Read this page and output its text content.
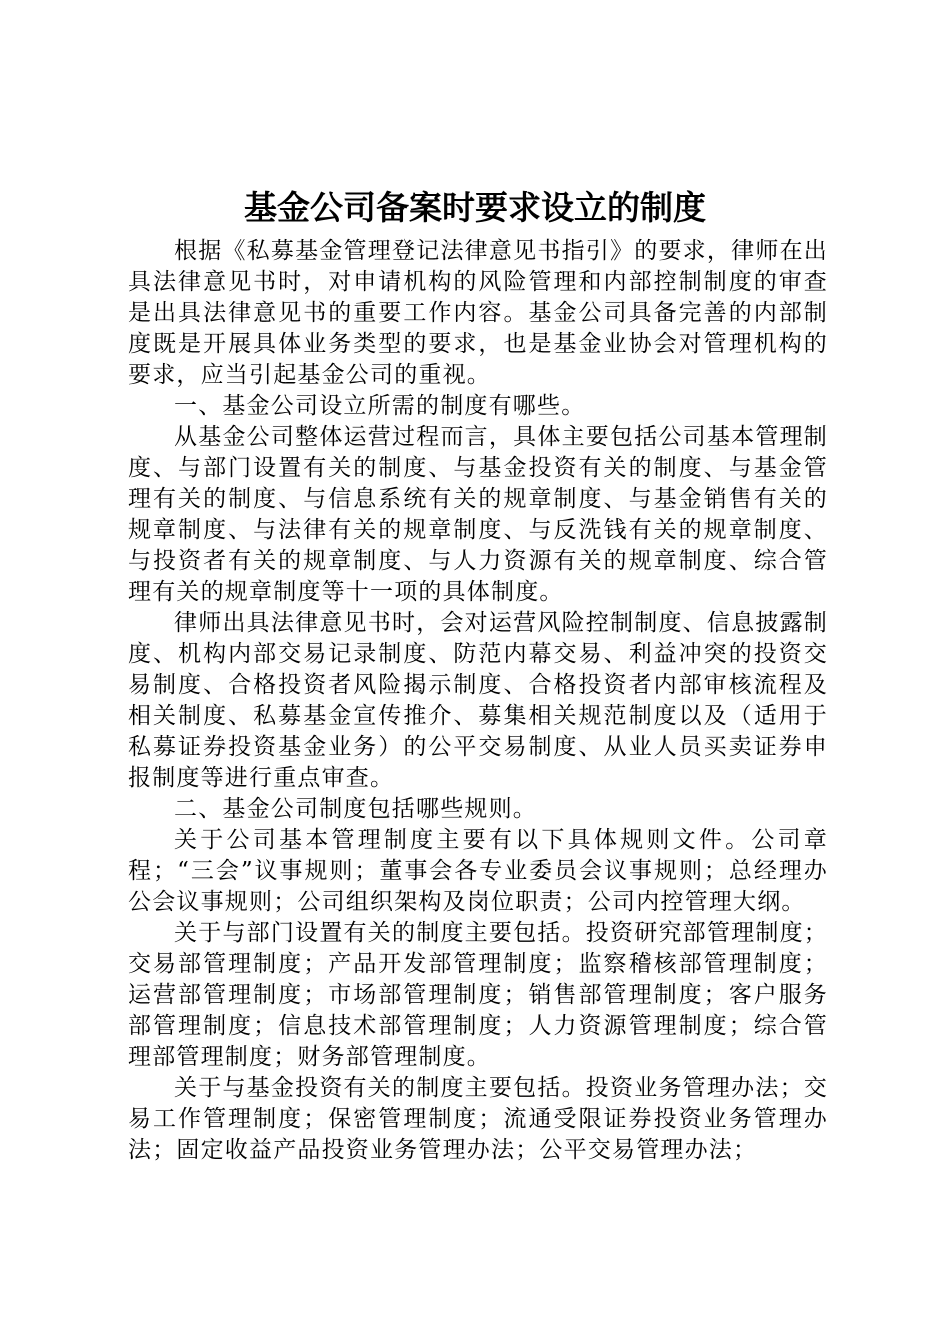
基金公司备案时要求设立的制度

根据《私募基金管理登记法律意见书指引》的要求，律师在出具法律意见书时，对申请机构的风险管理和内部控制制度的审查是出具法律意见书的重要工作内容。基金公司具备完善的内部制度既是开展具体业务类型的要求，也是基金业协会对管理机构的要求，应当引起基金公司的重视。

一、基金公司设立所需的制度有哪些。

从基金公司整体运营过程而言，具体主要包括公司基本管理制度、与部门设置有关的制度、与基金投资有关的制度、与基金管理有关的制度、与信息系统有关的规章制度、与基金销售有关的规章制度、与法律有关的规章制度、与反洗钱有关的规章制度、与投资者有关的规章制度、与人力资源有关的规章制度、综合管理有关的规章制度等十一项的具体制度。

律师出具法律意见书时，会对运营风险控制制度、信息披露制度、机构内部交易记录制度、防范内幕交易、利益冲突的投资交易制度、合格投资者风险揭示制度、合格投资者内部审核流程及相关制度、私募基金宣传推介、募集相关规范制度以及（适用于私募证券投资基金业务）的公平交易制度、从业人员买卖证券申报制度等进行重点审查。

二、基金公司制度包括哪些规则。

关于公司基本管理制度主要有以下具体规则文件。公司章程；“三会”议事规则；董事会各专业委员会议事规则；总经理办公会议事规则；公司组织架构及岗位职责；公司内控管理大纲。

关于与部门设置有关的制度主要包括。投资研究部管理制度；交易部管理制度；产品开发部管理制度；监察稽核部管理制度；运营部管理制度；市场部管理制度；销售部管理制度；客户服务部管理制度；信息技术部管理制度；人力资源管理制度；综合管理部管理制度；财务部管理制度。

关于与基金投资有关的制度主要包括。投资业务管理办法；交易工作管理制度；保密管理制度；流通受限证券投资业务管理办法；固定收益产品投资业务管理办法；公平交易管理办法；
